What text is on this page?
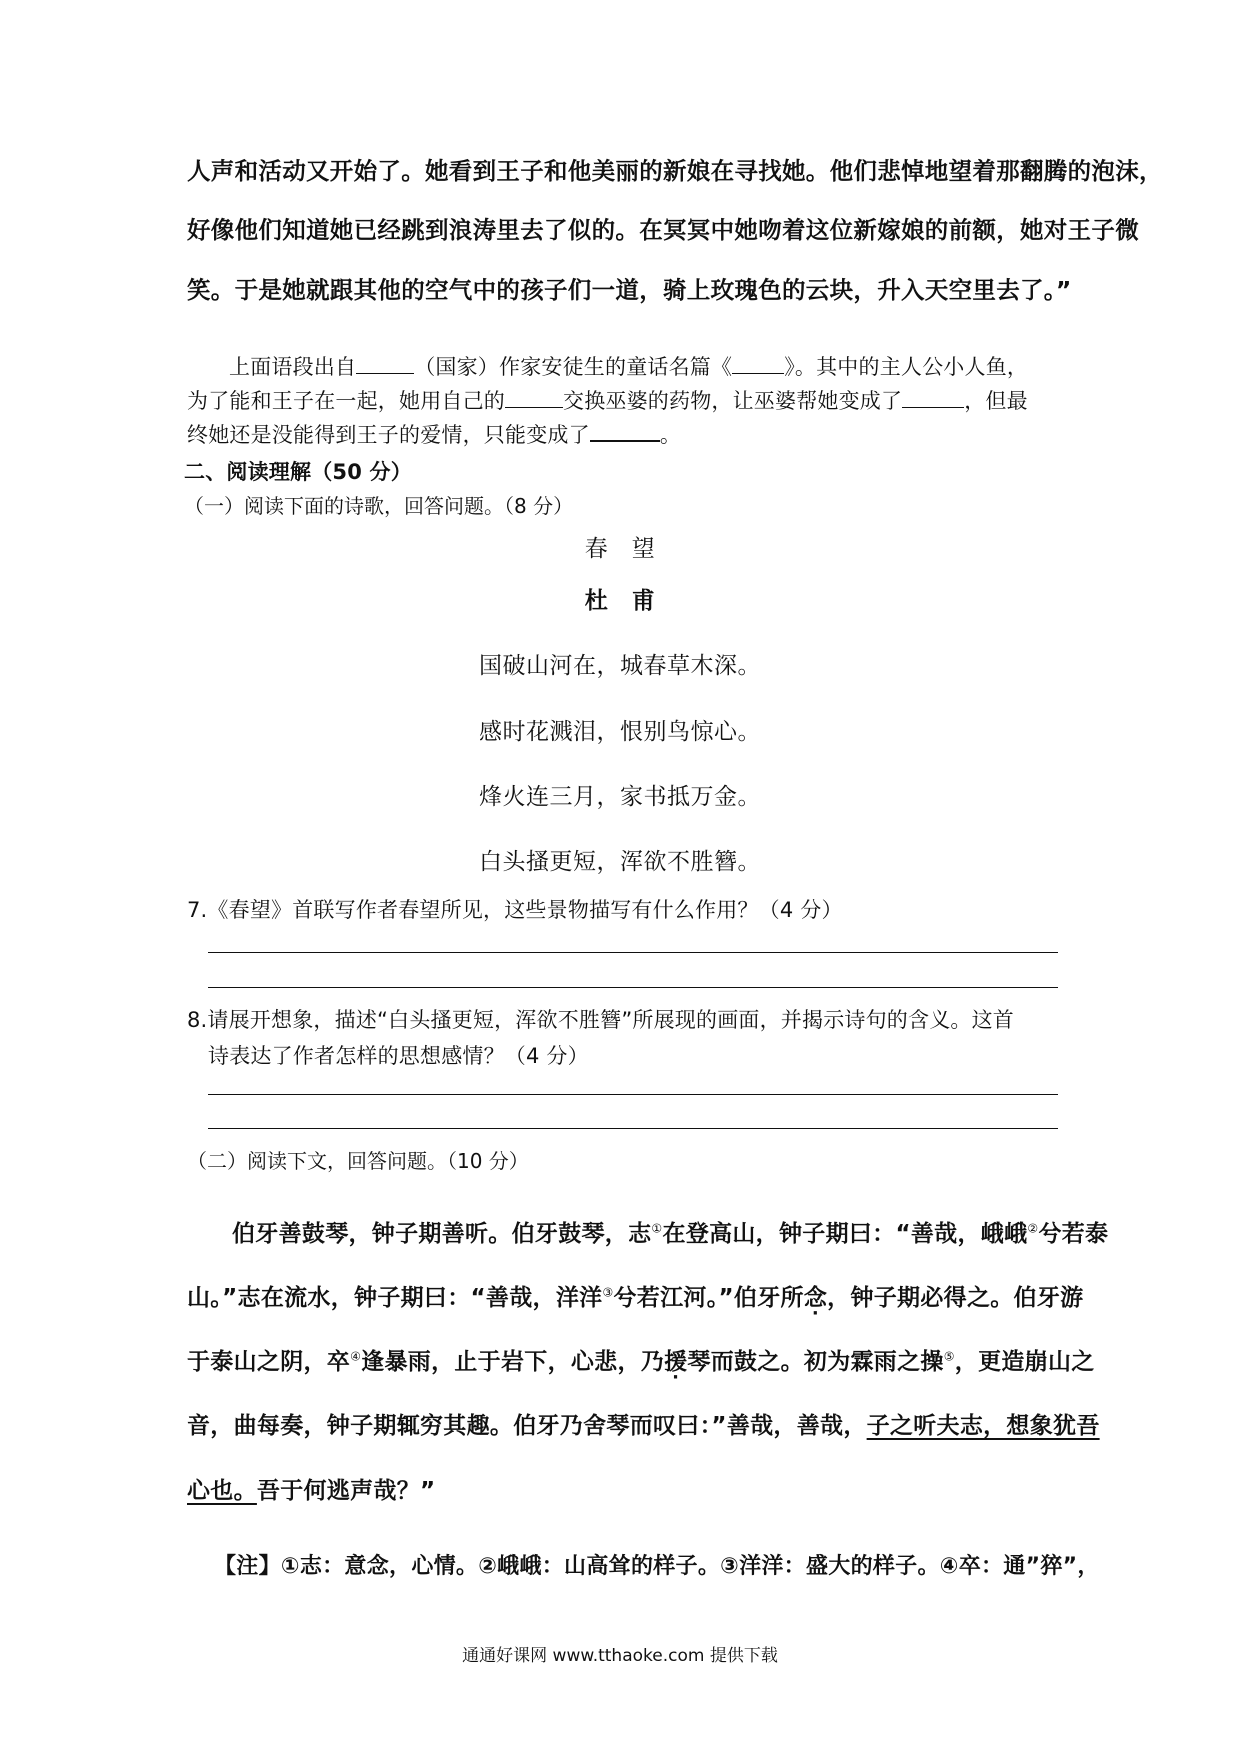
人声和活动又开始了。她看到王子和他美丽的新娘在寻找她。他们悲悼地望着那翻腾的泡沫，
好像他们知道她已经跳到浪涛里去了似的。在冥冥中她吻着这位新嫁娘的前额，她对王子微
笑。于是她就跟其他的空气中的孩子们一道，骑上玫瑰色的云块，升入天空里去了。”
上面语段出自	（国家）作家安徒生的童话名篇《 》。其中的主人公小人鱼，
为了能和王子在一起，她用自己的	交换巫婆的药物，让巫婆帮她变成了	，但最
终她还是没能得到王子的爱情，只能变成了	。
二、阅读理解（50 分）
（一）阅读下面的诗歌，回答问题。（8 分）
春　望
杜　甫
国破山河在，城春草木深。
感时花溅泪，恨别鸟惊心。
烽火连三月，家书抵万金。
白头搔更短，浑欲不胜簪。
7.《春望》首联写作者春望所见，这些景物描写有什么作用？（4 分）
8.请展开想象，描述“白头搔更短，浑欲不胜簪”所展现的画面，并揭示诗句的含义。这首
诗表达了作者怎样的思想感情？（4 分）
（二）阅读下文，回答问题。（10 分）
伯牙善鼓琴，钟子期善听。伯牙鼓琴，志①在登高山，钟子期曰：“善哉，峨峨②兮若泰
山。”志在流水，钟子期曰：“善哉，洋洋③兮若江河。”伯牙所念，钟子期必得之。伯牙游
于泰山之阴，卒④逢暴雨，止于岩下，心悲，乃援琴而鼓之。初为霖雨之操⑤，更造崩山之
音，曲每奏，钟子期辄穷其趣。伯牙乃舍琴而叹曰：”善哉，善哉，子之听夫志，想象犹吾
心也。吾于何逃声哉？”
【注】①志：意念，心情。②峨峨：山高耸的样子。③洋洋：盛大的样子。④卒：通”猝”，
通通好课网 www.tthaoke.com 提供下载
